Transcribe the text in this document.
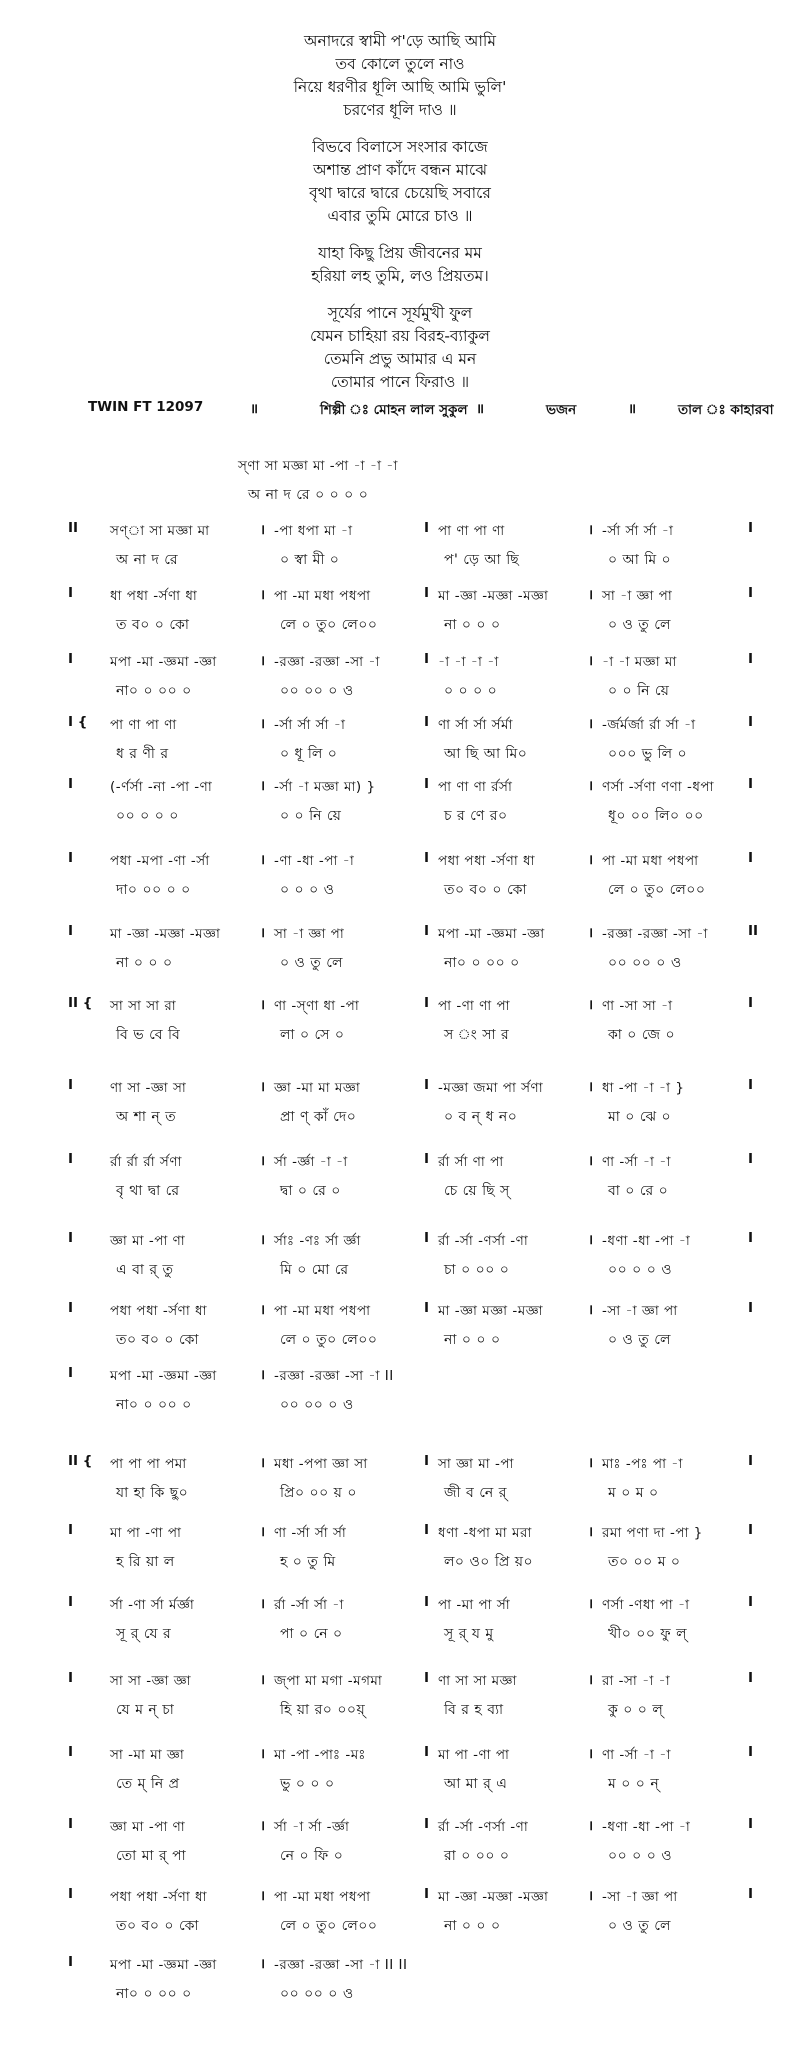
অনাদরে স্বামী প'ড়ে আছি আমি
তব কোলে তুলে নাও
নিয়ে ধরণীর ধূলি আছি আমি ভুলি'
চরণের ধূলি দাও ॥
বিভবে বিলাসে সংসার কাজে
অশান্ত প্রাণ কাঁদে বন্ধন মাঝে
বৃথা দ্বারে দ্বারে চেয়েছি সবারে
এবার তুমি মোরে চাও ॥
যাহা কিছু প্রিয় জীবনের মম
হরিয়া লহ তুমি, লও প্রিয়তম।
সূর্যের পানে সূর্যমুখী ফুল
যেমন চাহিয়া রয় বিরহ-ব্যাকুল
তেমনি প্রভু আমার এ মন
তোমার পানে ফিরাও ॥
TWIN FT 12097	॥	শিল্পী ঃ মোহন লাল সুকুল ॥	ভজন	॥	তাল ঃ কাহারবা
স্ণা সা মজ্ঞা মা -পা -া -া -া
অ না দ রে ০ ০ ০ ০
II সণ্া সা মজ্ঞা মা	-পা ধপা মা -া	পা ণা পা ণা	-র্সা র্সা র্সা -া
।	I	।	I
অ না দ রে	০ স্বা মী ০	প' ড়ে আ ছি	০ আ মি ০
I	ধা পধা -র্সণা ধা	পা -মা মধা পধপা	মা -জ্ঞা -মজ্ঞা -মজ্ঞা	সা -া জ্ঞা পা
।	I	।	I
ত ব০ ০ কো	লে ০ তু০ লে০০	না ০ ০ ০	০ ও তু লে
I	মপা -মা -জ্ঞমা -জ্ঞা	-রজ্ঞা -রজ্ঞা -সা -া	-া -া -া -া	-া -া মজ্ঞা মা
।	I	।	I
না০ ০ ০০ ০	০০ ০০ ০ ও	০ ০ ০ ০	০ ০ নি য়ে
I { পা ণা পা ণা	-র্সা র্সা র্সা -া	ণা র্সা র্সা র্সর্মা	-র্জর্মর্জা র্রা র্সা -া
।	I	।	I
ধ র ণী র	০ ধূ লি ০	আ ছি আ মি০	০০০ ভু লি ০
I	(-র্ণর্সা -না -পা -ণা	-র্সা -া মজ্ঞা মা) }	পা ণা ণা র্রর্সা	ণর্সা -র্সণা ণণা -ধপা
।	I	।	I
০০ ০ ০ ০	০ ০ নি য়ে	চ র ণে র০	ধূ০ ০০ লি০ ০০
I	পধা -মপা -ণা -র্সা	-ণা -ধা -পা -া	পধা পধা -র্সণা ধা	পা -মা মধা পধপা
।	I	।	I
দা০ ০০ ০ ০	০ ০ ০ ও	ত০ ব০ ০ কো	লে ০ তু০ লে০০
I	মা -জ্ঞা -মজ্ঞা -মজ্ঞা	সা -া জ্ঞা পা	মপা -মা -জ্ঞমা -জ্ঞা	-রজ্ঞা -রজ্ঞা -সা -া
।	I	।	II
না ০ ০ ০	০ ও তু লে	না০ ০ ০০ ০	০০ ০০ ০ ও
II { সা সা সা রা	ণা -স্ণা ধা -পা	পা -ণা ণা পা	ণা -সা সা -া
।	I	।	I
বি ভ বে বি	লা ০ সে ০	স ং সা র	কা ০ জে ০
I	ণা সা -জ্ঞা সা	জ্ঞা -মা মা মজ্ঞা	-মজ্ঞা জমা পা র্সণা	ধা -পা -া -া }
।	I	।	I
অ শা ন্ ত	প্রা ণ্ কাঁ দে০	০ ব ন্ ধ ন০	মা ০ ঝে ০
I	র্রা র্রা র্রা র্সণা	র্সা -র্জ্ঞা -া -া	র্রা র্সা ণা পা	ণা -র্সা -া -া
।	I	।	I
বৃ থা দ্বা রে	দ্বা ০ রে ০	চে য়ে ছি স্	বা ০ রে ০
I	জ্ঞা মা -পা ণা	র্সাঃ -ণঃ র্সা র্জ্ঞা	র্রা -র্সা -ণর্সা -ণা	-ধণা -ধা -পা -া
।	I	।	I
এ বা র্ তু	মি ০ মো রে	চা ০ ০০ ০	০০ ০ ০ ও
I	পধা পধা -র্সণা ধা	পা -মা মধা পধপা	মা -জ্ঞা মজ্ঞা -মজ্ঞা	-সা -া জ্ঞা পা
।	I	।	I
ত০ ব০ ০ কো	লে ০ তু০ লে০০	না ০ ০ ০	০ ও তু লে
I	মপা -মা -জ্ঞমা -জ্ঞা	-রজ্ঞা -রজ্ঞা -সা -া II
।
না০ ০ ০০ ০	০০ ০০ ০ ও
II { পা পা পা পমা	মধা -পপা জ্ঞা সা	সা জ্ঞা মা -পা	মাঃ -পঃ পা -া
।	I	।	I
যা হা কি ছু০	প্রি০ ০০ য় ০	জী ব নে র্	ম ০ ম ০
I	মা পা -ণা পা	ণা -র্সা র্সা র্সা	ধণা -ধপা মা মরা	রমা পণা দা -পা }
।	I	।	I
হ রি য়া ল	হ ০ তু মি	ল০ ও০ প্রি য়০	ত০ ০০ ম ০
I	র্সা -ণা র্সা র্মর্জ্ঞা	র্রা -র্সা র্সা -া	পা -মা পা র্সা	ণর্সা -ণধা পা -া
।	I	।	I
সূ র্ যে র	পা ০ নে ০	সূ র্ য মু	খী০ ০০ ফু ল্
I	সা সা -জ্ঞা জ্ঞা	জ্পা মা মগা -মগমা	ণা সা সা মজ্ঞা	রা -সা -া -া
।	I	।	I
যে ম ন্ চা	হি য়া র০ ০০য়্	বি র হ ব্যা	কু ০ ০ ল্
I	সা -মা মা জ্ঞা	মা -পা -পাঃ -মঃ	মা পা -ণা পা	ণা -র্সা -া -া
।	I	।	I
তে ম্ নি প্র	ভু ০ ০ ০	আ মা র্ এ	ম ০ ০ ন্
I	জ্ঞা মা -পা ণা	র্সা -া র্সা -র্জ্ঞা	র্রা -র্সা -ণর্সা -ণা	-ধণা -ধা -পা -া
।	I	।	I
তো মা র্ পা	নে ০ ফি ০	রা ০ ০০ ০	০০ ০ ০ ও
I	পধা পধা -র্সণা ধা	পা -মা মধা পধপা	মা -জ্ঞা -মজ্ঞা -মজ্ঞা	-সা -া জ্ঞা পা
।	I	।	I
ত০ ব০ ০ কো	লে ০ তু০ লে০০	না ০ ০ ০	০ ও তু লে
I	মপা -মা -জ্ঞমা -জ্ঞা	-রজ্ঞা -রজ্ঞা -সা -া II II
।
না০ ০ ০০ ০	০০ ০০ ০ ও
